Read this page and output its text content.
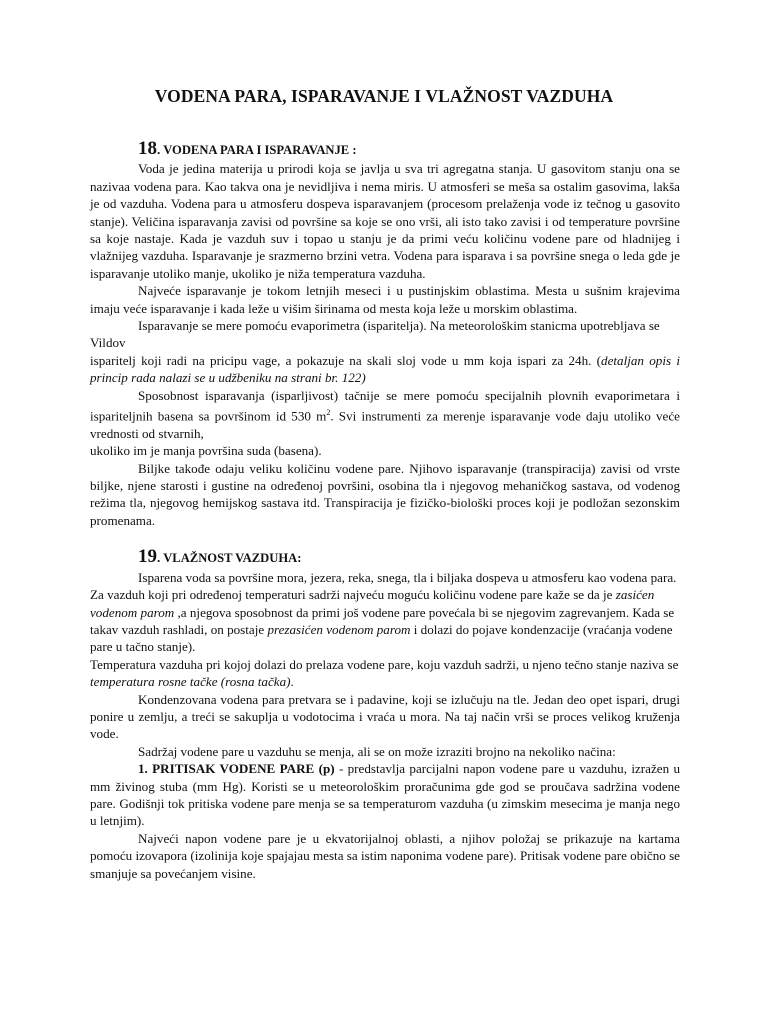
VODENA PARA, ISPARAVANJE I VLAŽNOST VAZDUHA
18. VODENA PARA I ISPARAVANJE :

Voda je jedina materija u prirodi koja se javlja u sva tri agregatna stanja. U gasovitom stanju ona se nazivaa vodena para. Kao takva ona je nevidljiva i nema miris. U atmosferi se meša sa ostalim gasovima, lakša je od vazduha. Vodena para u atmosferu dospeva isparavanjem (procesom prelaženja vode iz tečnog u gasovito stanje). Veličina isparavanja zavisi od površine sa koje se ono vrši, ali isto tako zavisi i od temperature površine sa koje nastaje. Kada je vazduh suv i topao u stanju je da primi veću količinu vodene pare od hladnijeg i vlažnijeg vazduha. Isparavanje je srazmerno brzini vetra. Vodena para isparava i sa površine snega o leda gde je isparavanje utoliko manje, ukoliko je niža temperatura vazduha.

Najveće isparavanje je tokom letnjih meseci i u pustinjskim oblastima. Mesta u sušnim krajevima imaju veće isparavanje i kada leže u višim širinama od mesta koja leže u morskim oblastima.

Isparavanje se mere pomoću evaporimetra (isparitelja). Na meteorološkim stanicma upotrebljava se Vildov

isparitelj koji radi na pricipu vage, a pokazuje na skali sloj vode u mm koja ispari za 24h. (detaljan opis i princip rada nalazi se u udžbeniku na strani br. 122)

Sposobnost isparavanja (isparljivost) tačnije se mere pomoću specijalnih plovnih evaporimetara i isparitelјnih basena sa površinom id 530 $m^2$. Svi instrumenti za merenje isparavanje vode daju utoliko veće vrednosti od stvarnih,

ukoliko im je manja površina suda (basena).

Biljke takođe odaju veliku količinu vodene pare. Njihovo isparavanje (transpiracija) zavisi od vrste biljke, njene starosti i gustine na određenoj površini, osobina tla i njegovog mehaničkog sastava, od vodenog režima tla, njegovog hemijskog sastava itd. Transpiracija je fizičko-biološki proces koji je podložan sezonskim promenama.

19. VLAŽNOST VAZDUHA:

Isparena voda sa površine mora, jezera, reka, snega, tla i biljaka dospeva u atmosferu kao vodena para.

Za vazduh koji pri određenoj temperaturi sadrži najveću moguću količinu vodene pare kaže se da je zasićen vodenom parom ,a njegova sposobnost da primi još vodene pare povećala bi se njegovim zagrevanjem. Kada se takav vazduh rashladi, on postaje prezasićen vodenom parom i dolazi do pojave kondenzacije (vraćanja vodene pare u tačno stanje).

Temperatura vazduha pri kojoj dolazi do prelaza vodene pare, koju vazduh sadrži, u njeno tečno stanje naziva se temperatura rosne tačke (rosna tačka).

Kondenzovana vodena para pretvara se i padavine, koji se izlučuju na tle. Jedan deo opet ispari, drugi ponire u zemlju, a treći se sakuplja u vodotocima i vraća u mora. Na taj način vrši se proces velikog kruženja vode.

Sadržaj vodene pare u vazduhu se menja, ali se on može izraziti brojno na nekoliko načina:

1. PRITISAK VODENE PARE (p) - predstavlja parcijalni napon vodene pare u vazduhu, izražen u mm živinog stuba (mm Hg). Koristi se u meteorološkim proračunima gde god se proučava sadržina vodene pare. Godišnji tok pritiska vodene pare menja se sa temperaturom vazduha (u zimskim mesecima je manja nego u letnjim).

Najveći napon vodene pare je u ekvatorijalnoj oblasti, a njihov položaj se prikazuje na kartama pomoću izovapora (izolinija koje spajajau mesta sa istim naponima vodene pare). Pritisak vodene pare obično se smanjuje sa povećanjem visine.
